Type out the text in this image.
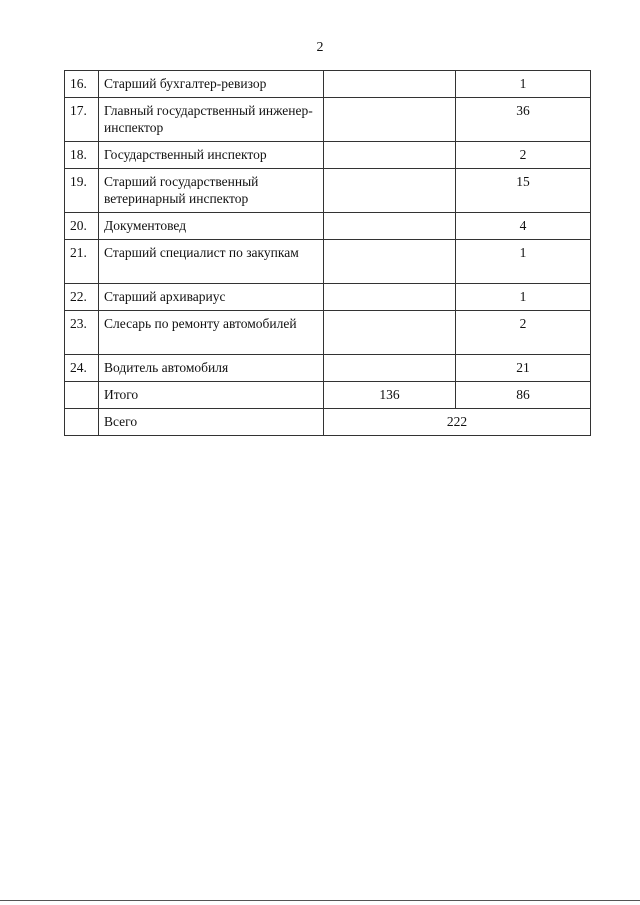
2
16.	Старший бухгалтер-ревизор		1
17.	Главный государственный инженер-инспектор		36
18.	Государственный инспектор		2
19.	Старший государственный ветеринарный инспектор		15
20.	Документовед		4
21.	Старший специалист по закупкам		1
22.	Старший архивариус		1
23.	Слесарь по ремонту автомобилей		2
24.	Водитель автомобиля		21
	Итого	136	86
	Всего	222	
